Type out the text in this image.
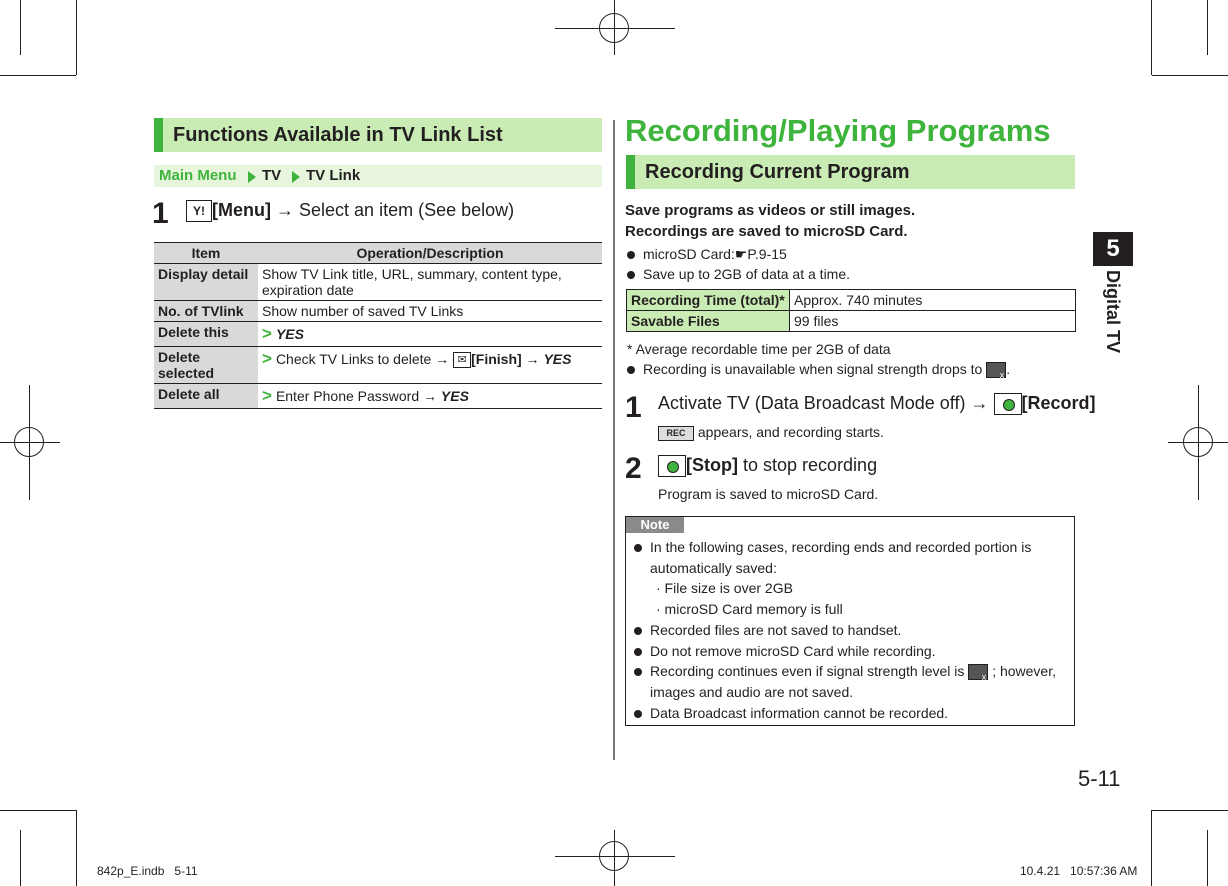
Functions Available in TV Link List
Main Menu TV TV Link
1	Y! [Menu] → Select an item (See below)
Item	Operation/Description
Display detail	Show TV Link title, URL, summary, content type, expiration date
No. of TVlink	Show number of saved TV Links
Delete this	> YES
Delete selected	> Check TV Links to delete → ✉ [Finish] → YES
Delete all	> Enter Phone Password → YES
Recording/Playing Programs
Recording Current Program
Save programs as videos or still images.
Recordings are saved to microSD Card.
microSD Card:☛P.9-15
Save up to 2GB of data at a time.
Recording Time (total)*	Approx. 740 minutes
Savable Files	99 files
* Average recordable time per 2GB of data
Recording is unavailable when signal strength drops to x .
1 Activate TV (Data Broadcast Mode off) → [Record]
REC appears, and recording starts.
2	[Stop] to stop recording
Program is saved to microSD Card.
Note
In the following cases, recording ends and recorded portion is
automatically saved:
· File size is over 2GB
· microSD Card memory is full
Recorded files are not saved to handset.
Do not remove microSD Card while recording.
Recording continues even if signal strength level is x ; however,
images and audio are not saved.
Data Broadcast information cannot be recorded.
5
Digital TV
5-11
842p_E.indb   5-11	10.4.21   10:57:36 AM
